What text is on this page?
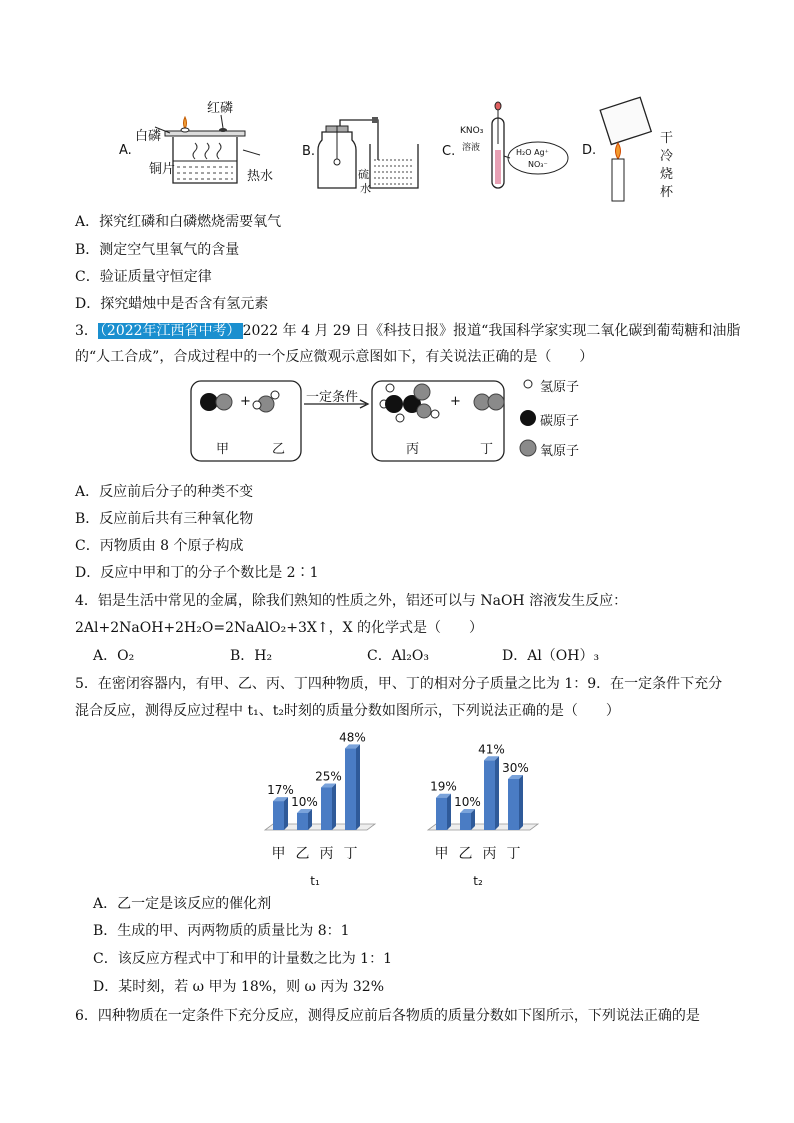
A.
红磷
白磷
铜片	热水
B.
硫
水
C.
KNO₃
溶液	H₂O Ag⁺
NO₃⁻
D.
干
冷
烧
杯
A．探究红磷和白磷燃烧需要氧气
B．测定空气里氧气的含量
C．验证质量守恒定律
D．探究蜡烛中是否含有氢元素
3． （2022年江西省中考） 2022 年 4 月 29 日《科技日报》报道“我国科学家实现二氧化碳到葡萄糖和油脂
的“人工合成”，合成过程中的一个反应微观示意图如下，有关说法正确的是（　　）
+	+
一定条件
甲	乙	丙	丁
氢原子
碳原子
氧原子
A．反应前后分子的种类不变
B．反应前后共有三种氧化物
C．丙物质由 8 个原子构成
D．反应中甲和丁的分子个数比是 2∶1
4．铝是生活中常见的金属，除我们熟知的性质之外，铝还可以与 NaOH 溶液发生反应：
2Al+2NaOH+2H₂O=2NaAlO₂+3X↑，X 的化学式是（　　）
A．O₂	B．H₂	C．Al₂O₃	D．Al（OH）₃
5．在密闭容器内，有甲、乙、丙、丁四种物质，甲、丁的相对分子质量之比为 1：9．在一定条件下充分
混合反应，测得反应过程中 t₁、t₂时刻的质量分数如图所示，下列说法正确的是（　　）
17%
甲
10%
乙
25%
丙
48%
丁
t₁
19%
甲
10%
乙
41%
丙
30%
丁
t₂
A．乙一定是该反应的催化剂
B．生成的甲、丙两物质的质量比为 8：1
C．该反应方程式中丁和甲的计量数之比为 1：1
D．某时刻，若 ω 甲为 18%，则 ω 丙为 32%
6．四种物质在一定条件下充分反应，测得反应前后各物质的质量分数如下图所示，下列说法正确的是
